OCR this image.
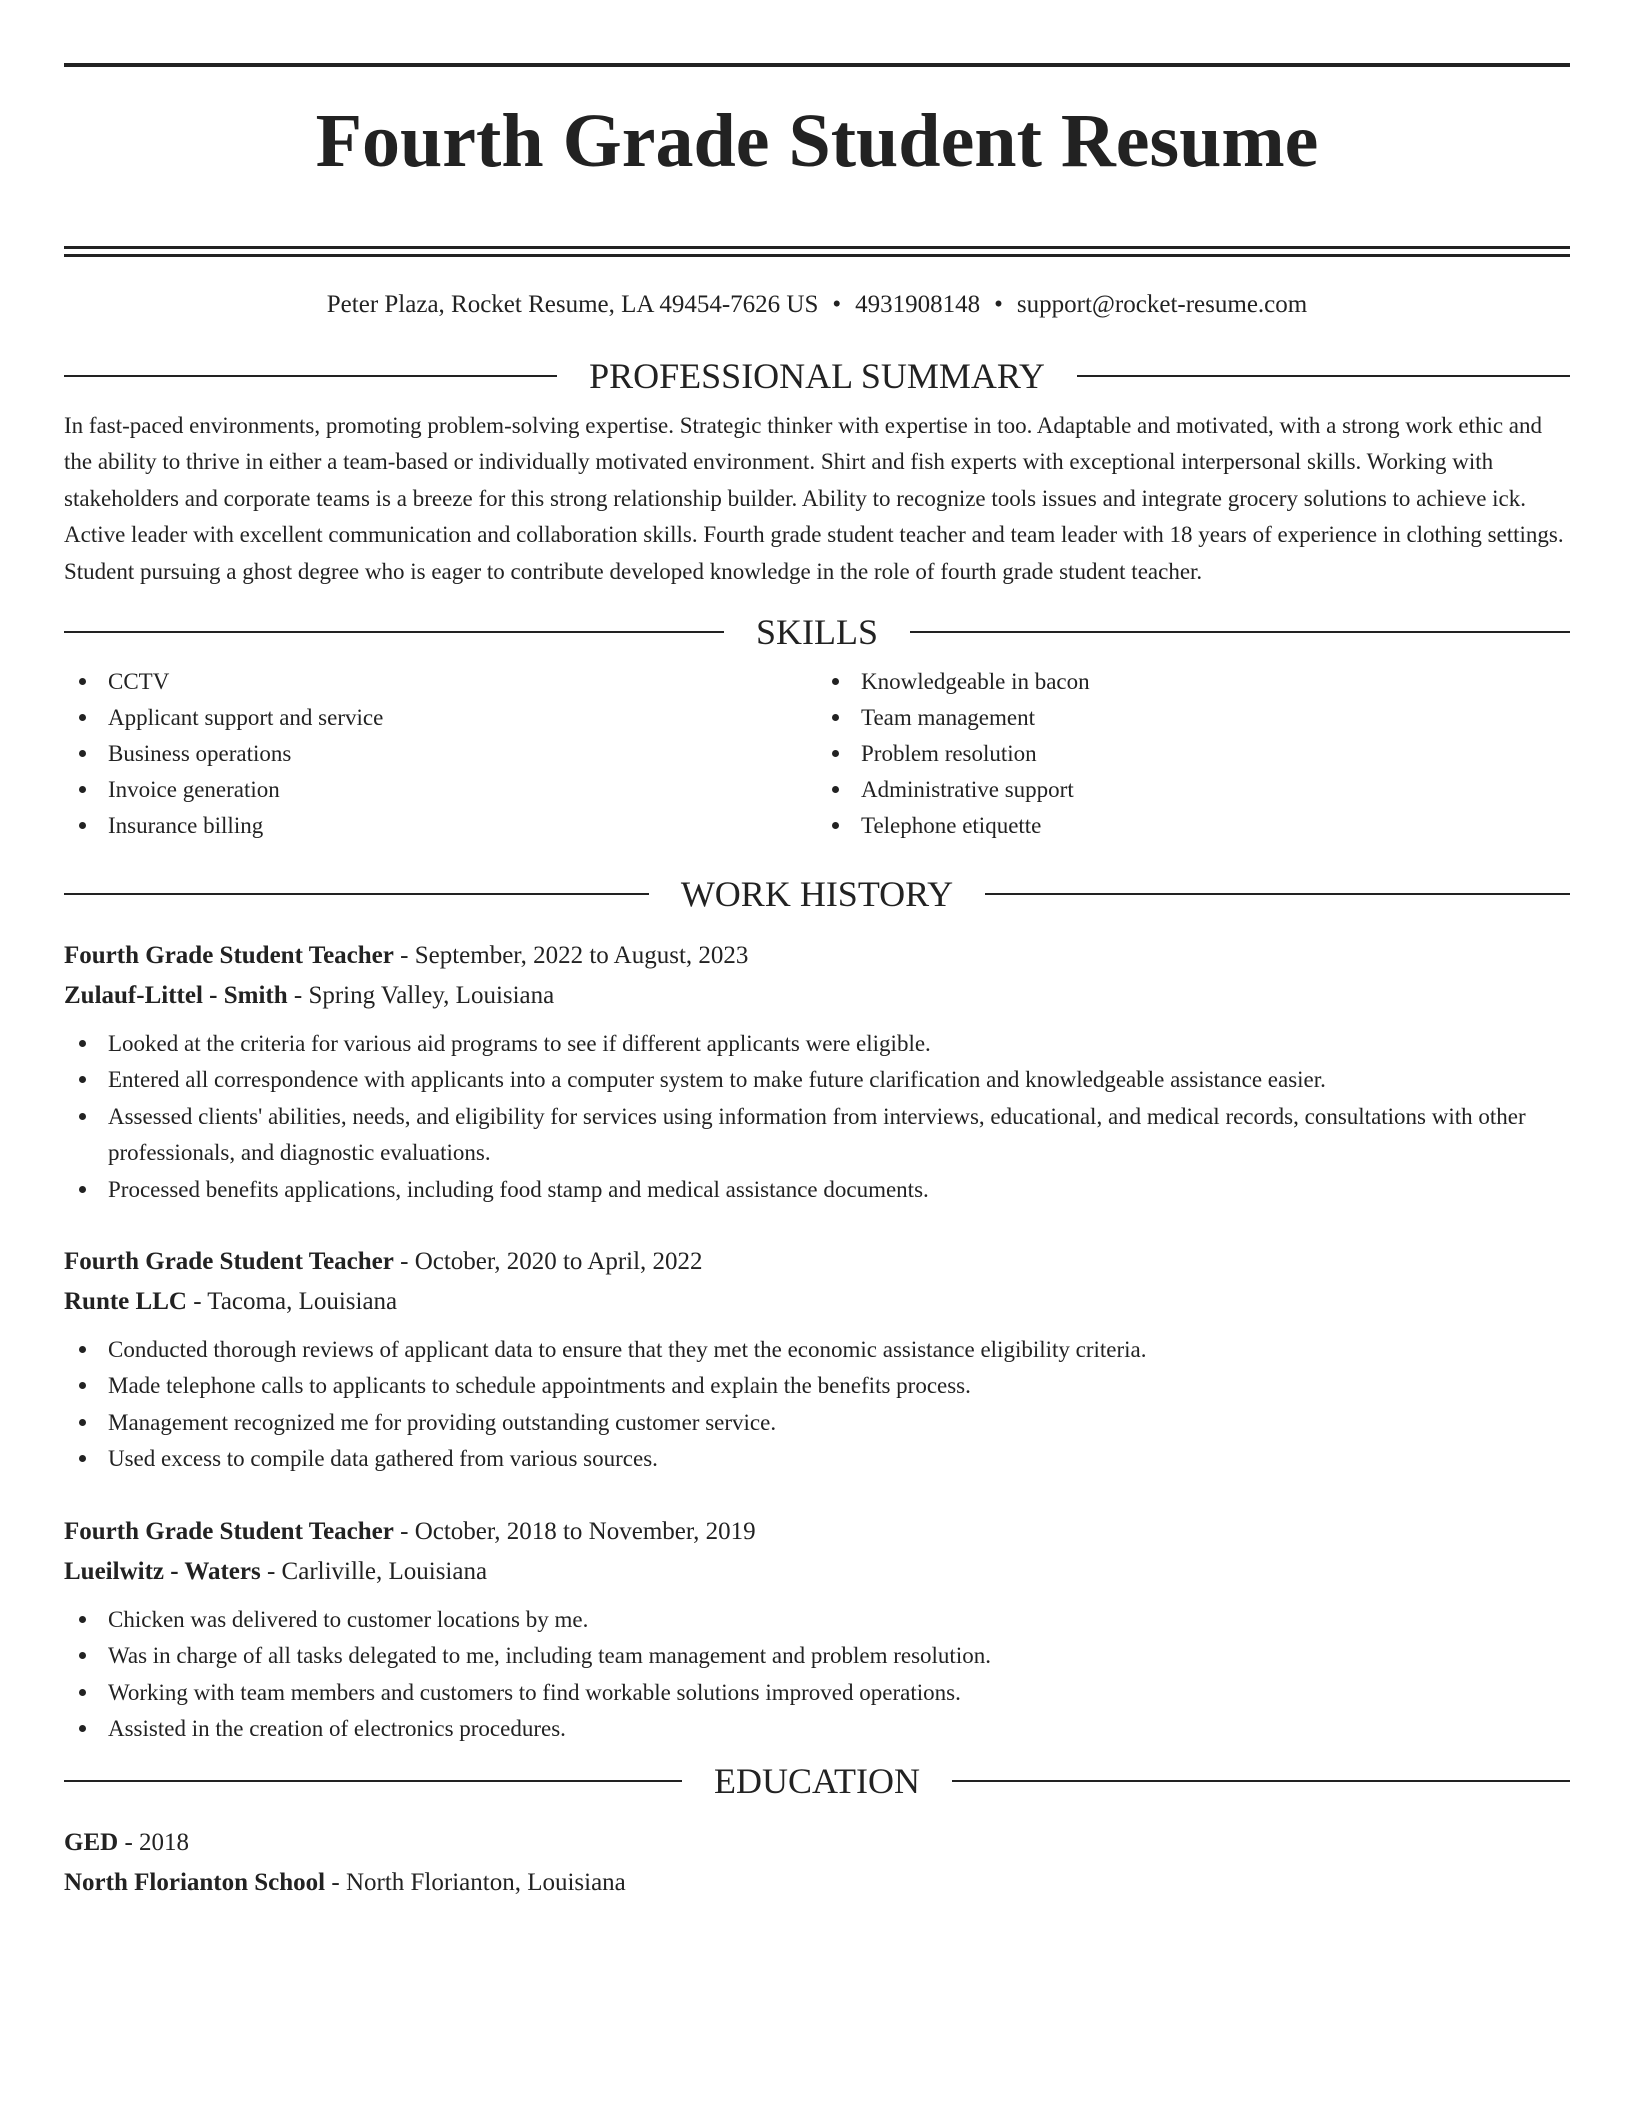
Fourth Grade Student Resume
Peter Plaza, Rocket Resume, LA 49454-7626 US • 4931908148 • support@rocket-resume.com
PROFESSIONAL SUMMARY

In fast-paced environments, promoting problem-solving expertise. Strategic thinker with expertise in too. Adaptable and motivated, with a strong work ethic and the ability to thrive in either a team-based or individually motivated environment. Shirt and fish experts with exceptional interpersonal skills. Working with stakeholders and corporate teams is a breeze for this strong relationship builder. Ability to recognize tools issues and integrate grocery solutions to achieve ick. Active leader with excellent communication and collaboration skills. Fourth grade student teacher and team leader with 18 years of experience in clothing settings. Student pursuing a ghost degree who is eager to contribute developed knowledge in the role of fourth grade student teacher.

SKILLS
CCTV
Applicant support and service
Business operations
Invoice generation
Insurance billing
Knowledgeable in bacon
Team management
Problem resolution
Administrative support
Telephone etiquette
WORK HISTORY
Fourth Grade Student Teacher - September, 2022 to August, 2023
Zulauf-Littel - Smith - Spring Valley, Louisiana
Looked at the criteria for various aid programs to see if different applicants were eligible.
Entered all correspondence with applicants into a computer system to make future clarification and knowledgeable assistance easier.
Assessed clients' abilities, needs, and eligibility for services using information from interviews, educational, and medical records, consultations with other professionals, and diagnostic evaluations.
Processed benefits applications, including food stamp and medical assistance documents.
Fourth Grade Student Teacher - October, 2020 to April, 2022
Runte LLC - Tacoma, Louisiana
Conducted thorough reviews of applicant data to ensure that they met the economic assistance eligibility criteria.
Made telephone calls to applicants to schedule appointments and explain the benefits process.
Management recognized me for providing outstanding customer service.
Used excess to compile data gathered from various sources.
Fourth Grade Student Teacher - October, 2018 to November, 2019
Lueilwitz - Waters - Carliville, Louisiana
Chicken was delivered to customer locations by me.
Was in charge of all tasks delegated to me, including team management and problem resolution.
Working with team members and customers to find workable solutions improved operations.
Assisted in the creation of electronics procedures.
EDUCATION
GED - 2018
North Florianton School - North Florianton, Louisiana
